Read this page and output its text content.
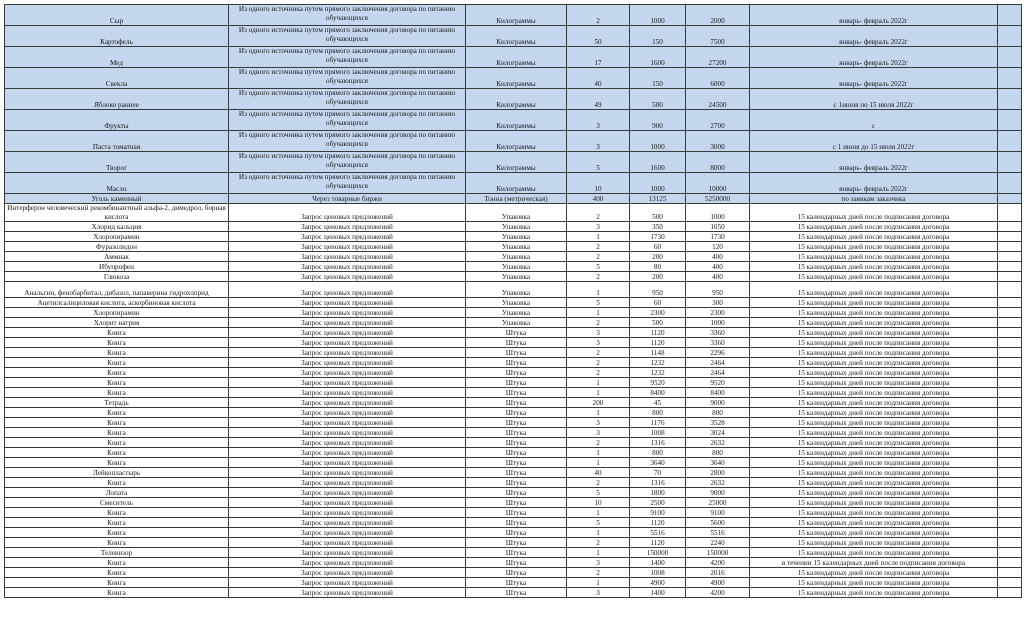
Сыр	Из одного источника путем прямого заключения договора по питанию обучающихся	Килограммы	2	1000	2000	январь- февраль 2022г	
Картофель	Из одного источника путем прямого заключения договора по питанию обучающихся	Килограммы	50	150	7500	январь- февраль 2022г	
Мед	Из одного источника путем прямого заключения договора по питанию обучающихся	Килограммы	17	1600	27200	январь- февраль 2022г	
Свекла	Из одного источника путем прямого заключения договора по питанию обучающихся	Килограммы	40	150	6000	январь- февраль 2022г	
Яблоко раннее	Из одного источника путем прямого заключения договора по питанию обучающихся	Килограммы	49	500	24500	с 1июня по 15 июля 2022г	
Фрукты	Из одного источника путем прямого заключения договора по питанию обучающихся	Килограммы	3	900	2700	с	
Паста томатная	Из одного источника путем прямого заключения договора по питанию обучающихся	Килограммы	3	1000	3000	с 1 июня до 15 июля 2022г	
Творог	Из одного источника путем прямого заключения договора по питанию обучающихся	Килограммы	5	1600	8000	январь- февраль 2022г	
Масло	Из одного источника путем прямого заключения договора по питанию обучающихся	Килограммы	10	1000	10000	январь- февраль 2022г	
Уголь каменный	Через товарные биржи	Тонна (метрическая)	400	13125	5250000	по заявкам заказчика	
Интерферон человеческий рекомбинантный альфа-2, димедрол, борная кислота	Запрос ценовых предложений	Упаковка	2	500	1000	15 календарных дней после подписания договора	
Хлорид кальция	Запрос ценовых предложений	Упаковка	3	350	1050	15 календарных дней после подписания договора	
Хлоропирамин	Запрос ценовых предложений	Упаковка	1	1730	1730	15 календарных дней после подписания договора	
Фуразолидон	Запрос ценовых предложений	Упаковка	2	60	120	15 календарных дней после подписания договора	
Аммиак	Запрос ценовых предложений	Упаковка	2	200	400	15 календарных дней после подписания договора	
Ибупрофен	Запрос ценовых предложений	Упаковка	5	80	400	15 календарных дней после подписания договора	
Глюкоза	Запрос ценовых предложений	Упаковка	2	200	400	15 календарных дней после подписания договора	
Анальгин, фенобарбитал, дибазол, папаверина гидрохлорид	Запрос ценовых предложений	Упаковка	1	950	950	15 календарных дней после подписания договора	
Ацетилсалициловая кислота, аскорбиновая кислота	Запрос ценовых предложений	Упаковка	5	60	300	15 календарных дней после подписания договора	
Хлоропирамин	Запрос ценовых предложений	Упаковка	1	2300	2300	15 календарных дней после подписания договора	
Хлорит натрия	Запрос ценовых предложений	Упаковка	2	500	1000	15 календарных дней после подписания договора	
Книга	Запрос ценовых предложений	Штука	3	1120	3360	15 календарных дней после подписания договора	
Книга	Запрос ценовых предложений	Штука	3	1120	3360	15 календарных дней после подписания договора	
Книга	Запрос ценовых предложений	Штука	2	1148	2296	15 календарных дней после подписания договора	
Книга	Запрос ценовых предложений	Штука	2	1232	2464	15 календарных дней после подписания договора	
Книга	Запрос ценовых предложений	Штука	2	1232	2464	15 календарных дней после подписания договора	
Книга	Запрос ценовых предложений	Штука	1	9520	9520	15 календарных дней после подписания договора	
Книга	Запрос ценовых предложений	Штука	1	8400	8400	15 календарных дней после подписания договора	
Тетрадь	Запрос ценовых предложений	Штука	200	45	9000	15 календарных дней после подписания договора	
Книга	Запрос ценовых предложений	Штука	1	800	800	15 календарных дней после подписания договора	
Книга	Запрос ценовых предложений	Штука	3	1176	3528	15 календарных дней после подписания договора	
Книга	Запрос ценовых предложений	Штука	3	1008	3024	15 календарных дней после подписания договора	
Книга	Запрос ценовых предложений	Штука	2	1316	2632	15 календарных дней после подписания договора	
Книга	Запрос ценовых предложений	Штука	1	800	800	15 календарных дней после подписания договора	
Книга	Запрос ценовых предложений	Штука	1	3640	3640	15 календарных дней после подписания договора	
Лейкопластырь	Запрос ценовых предложений	Штука	40	70	2800	15 календарных дней после подписания договора	
Книга	Запрос ценовых предложений	Штука	2	1316	2632	15 календарных дней после подписания договора	
Лопата	Запрос ценовых предложений	Штука	5	1800	9000	15 календарных дней после подписания договора	
Смеситель	Запрос ценовых предложений	Штука	10	2500	25000	15 календарных дней после подписания договора	
Книга	Запрос ценовых предложений	Штука	1	9100	9100	15 календарных дней после подписания договора	
Книга	Запрос ценовых предложений	Штука	5	1120	5600	15 календарных дней после подписания договора	
Книга	Запрос ценовых предложений	Штука	1	5516	5516	15 календарных дней после подписания договора	
Книга	Запрос ценовых предложений	Штука	2	1120	2240	15 календарных дней после подписания договора	
Телевизор	Запрос ценовых предложений	Штука	1	150000	150000	15 календарных дней после подписания договора	
Книга	Запрос ценовых предложений	Штука	3	1400	4200	в течении 15 календарных дней после подписания договора	
Книга	Запрос ценовых предложений	Штука	2	1008	2016	15 календарных дней после подписания договора	
Книга	Запрос ценовых предложений	Штука	1	4900	4900	15 календарных дней после подписания договора	
Книга	Запрос ценовых предложений	Штука	3	1400	4200	15 календарных дней после подписания договора	
